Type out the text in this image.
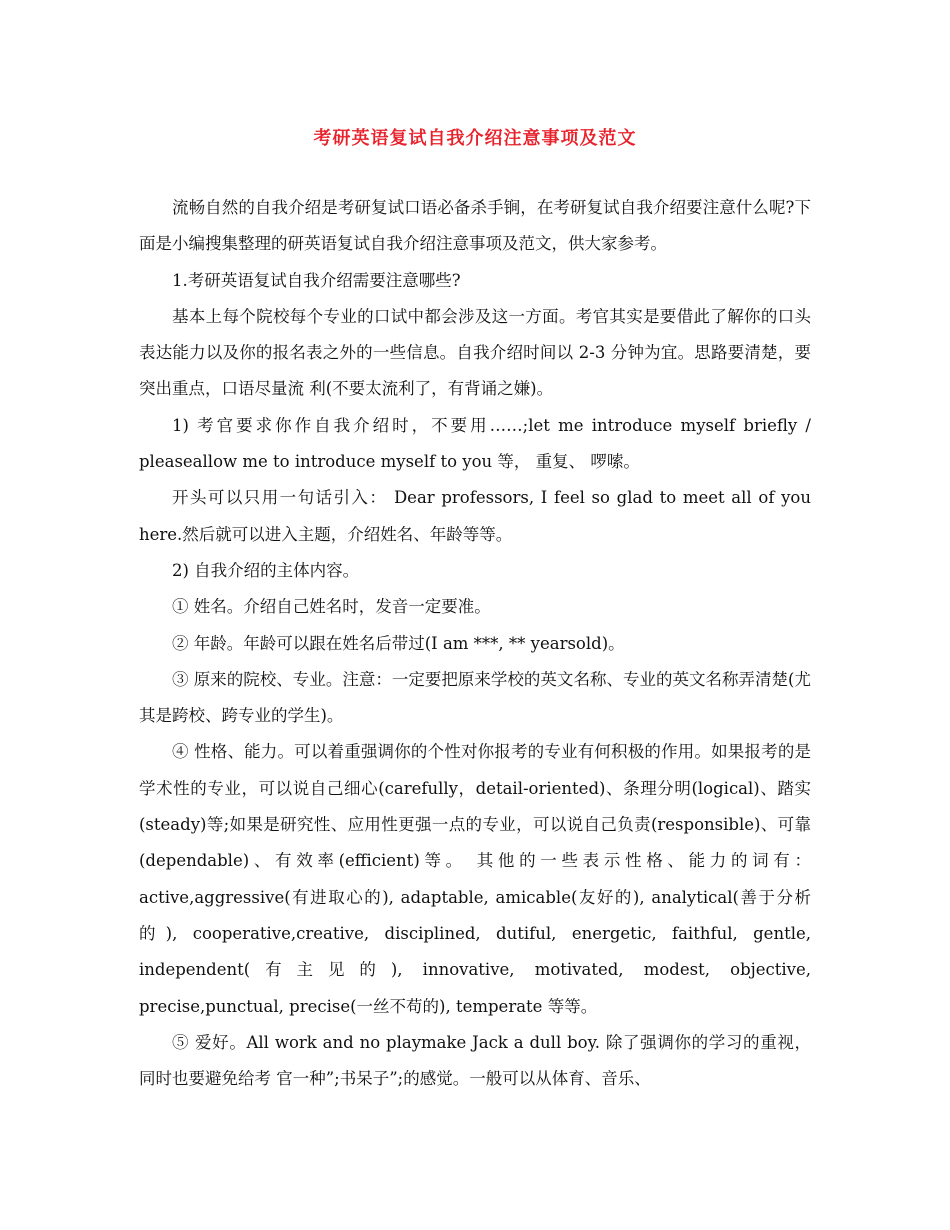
考研英语复试自我介绍注意事项及范文

流畅自然的自我介绍是考研复试口语必备杀手锏，在考研复试自我介绍要注意什么呢?下面是小编搜集整理的研英语复试自我介绍注意事项及范文，供大家参考。

1.考研英语复试自我介绍需要注意哪些?

基本上每个院校每个专业的口试中都会涉及这一方面。考官其实是要借此了解你的口头表达能力以及你的报名表之外的一些信息。自我介绍时间以 2-3 分钟为宜。思路要清楚，要突出重点，口语尽量流 利(不要太流利了，有背诵之嫌)。

1) 考官要求你作自我介绍时，不要用……;let me introduce myself briefly / pleaseallow me to introduce myself to you 等， 重复、 啰嗦。

开头可以只用一句话引入： Dear professors, I feel so glad to meet all of you here.然后就可以进入主题，介绍姓名、年龄等等。

2) 自我介绍的主体内容。

① 姓名。介绍自己姓名时，发音一定要准。

② 年龄。年龄可以跟在姓名后带过(I am ***, ** yearsold)。

③ 原来的院校、专业。注意：一定要把原来学校的英文名称、专业的英文名称弄清楚(尤其是跨校、跨专业的学生)。

④ 性格、能力。可以着重强调你的个性对你报考的专业有何积极的作用。如果报考的是学术性的专业，可以说自己细心(carefully，detail-oriented)、条理分明(logical)、踏实(steady)等;如果是研究性、应用性更强一点的专业，可以说自己负责(responsible)、可靠(dependable)、有效率(efficient)等。 其他的一些表示性格、能力的词有：active,aggressive(有进取心的), adaptable, amicable(友好的), analytical(善于分析的), cooperative,creative, disciplined, dutiful, energetic, faithful, gentle, independent(有主见的), innovative, motivated, modest, objective, precise,punctual, precise(一丝不苟的), temperate 等等。

⑤ 爱好。All work and no playmake Jack a dull boy. 除了强调你的学习的重视，同时也要避免给考 官一种”;书呆子”;的感觉。一般可以从体育、音乐、
